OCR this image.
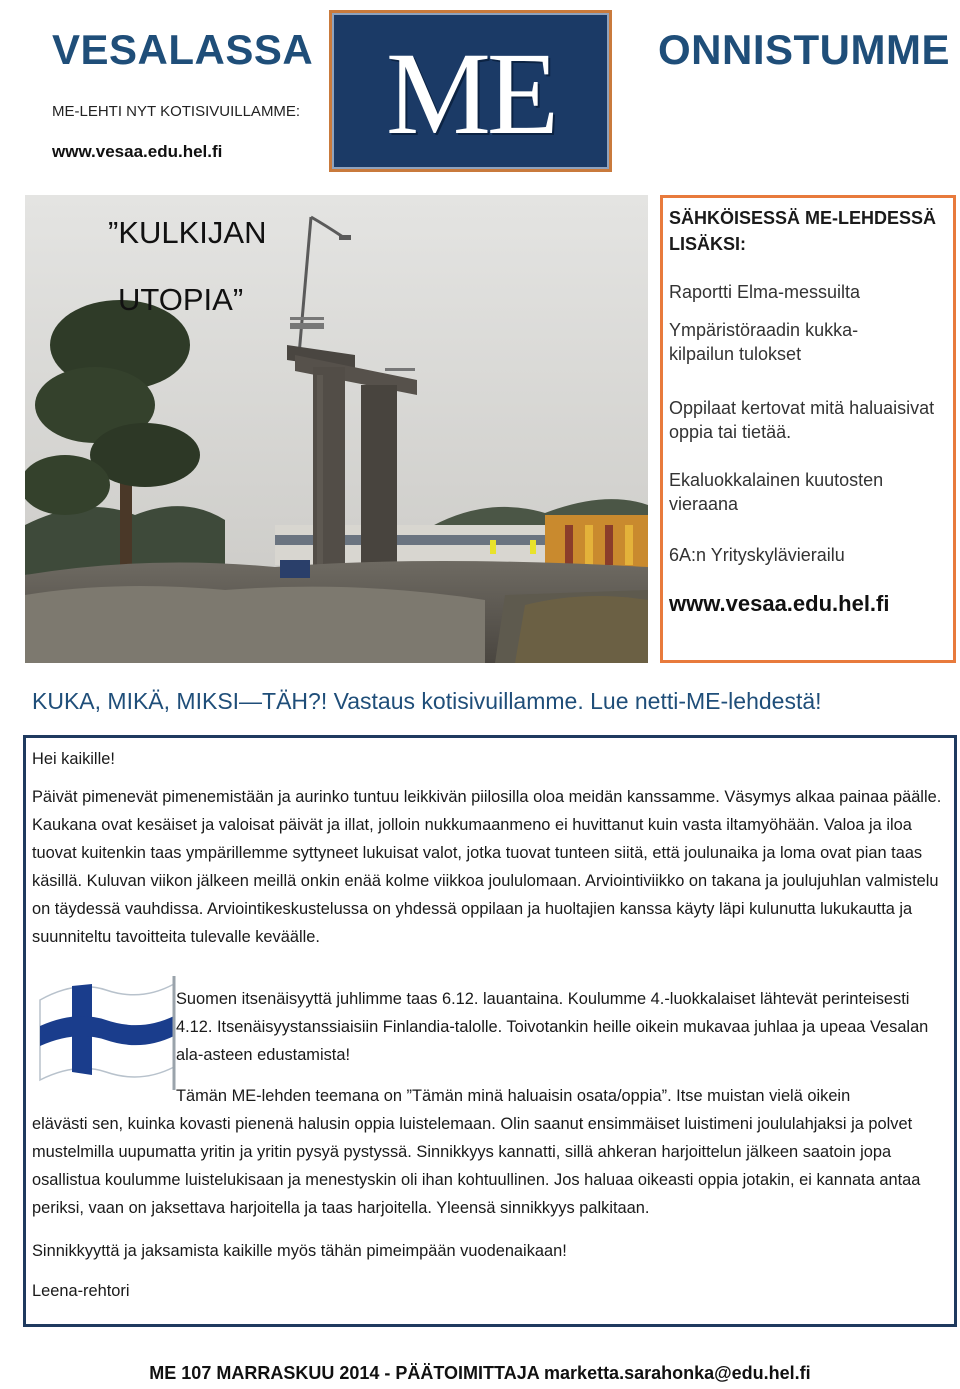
VESALASSA ME ONNISTUMME
ME-LEHTI NYT KOTISIVUILLAMME:
www.vesaa.edu.hel.fi
”KULKIJAN
UTOPIA”
SÄHKÖISESSÄ ME-LEHDESSÄ LISÄKSI:
Raportti Elma-messuilta
Ympäristöraadin kukka-kilpailun tulokset
Oppilaat kertovat mitä haluaisivat oppia tai tietää.
Ekaluokkalainen kuutosten vieraana
6A:n Yrityskylävierailu
www.vesaa.edu.hel.fi
KUKA, MIKÄ, MIKSI—TÄH?! Vastaus kotisivuillamme. Lue netti-ME-lehdestä!
Hei kaikille!
Päivät pimenevät pimenemistään ja aurinko tuntuu leikkivän piilosilla oloa meidän kanssamme. Väsymys alkaa painaa päälle. Kaukana ovat kesäiset ja valoisat päivät ja illat, jolloin nukkumaanmeno ei huvittanut kuin vasta iltamyöhään. Valoa ja iloa tuovat kuitenkin taas ympärillemme syttyneet lukuisat valot, jotka tuovat tunteen siitä, että joulunaika ja loma ovat pian taas käsillä. Kuluvan viikon jälkeen meillä onkin enää kolme viikkoa joululomaan. Arviointiviikko on takana ja joulujuhlan valmistelu on täydessä vauhdissa. Arviointikeskustelussa on yhdessä oppilaan ja huoltajien kanssa käyty läpi kulunutta lukukautta ja suunniteltu tavoitteita tulevalle keväälle.
Suomen itsenäisyyttä juhlimme taas 6.12. lauantaina. Koulumme 4.-luokkalaiset lähtevät perinteisesti 4.12. Itsenäisyystanssiaisiin Finlandia-talolle. Toivotankin heille oikein mukavaa juhlaa ja upeaa Vesalan ala-asteen edustamista!
Tämän ME-lehden teemana on ”Tämän minä haluaisin osata/oppia”. Itse muistan vielä oikein
elävästi sen, kuinka kovasti pienenä halusin oppia luistelemaan. Olin saanut ensimmäiset luistimeni joululahjaksi ja polvet mustelmilla uupumatta yritin ja yritin pysyä pystyssä. Sinnikkyys kannatti, sillä ahkeran harjoittelun jälkeen saatoin jopa osallistua koulumme luistelukisaan ja menestyskin oli ihan kohtuullinen. Jos haluaa oikeasti oppia jotakin, ei kannata antaa periksi, vaan on jaksettava harjoitella ja taas harjoitella. Yleensä sinnikkyys palkitaan.
Sinnikkyyttä ja jaksamista kaikille myös tähän pimeimpään vuodenaikaan!
Leena-rehtori
ME 107 MARRASKUU 2014 - PÄÄTOIMITTAJA marketta.sarahonka@edu.hel.fi
